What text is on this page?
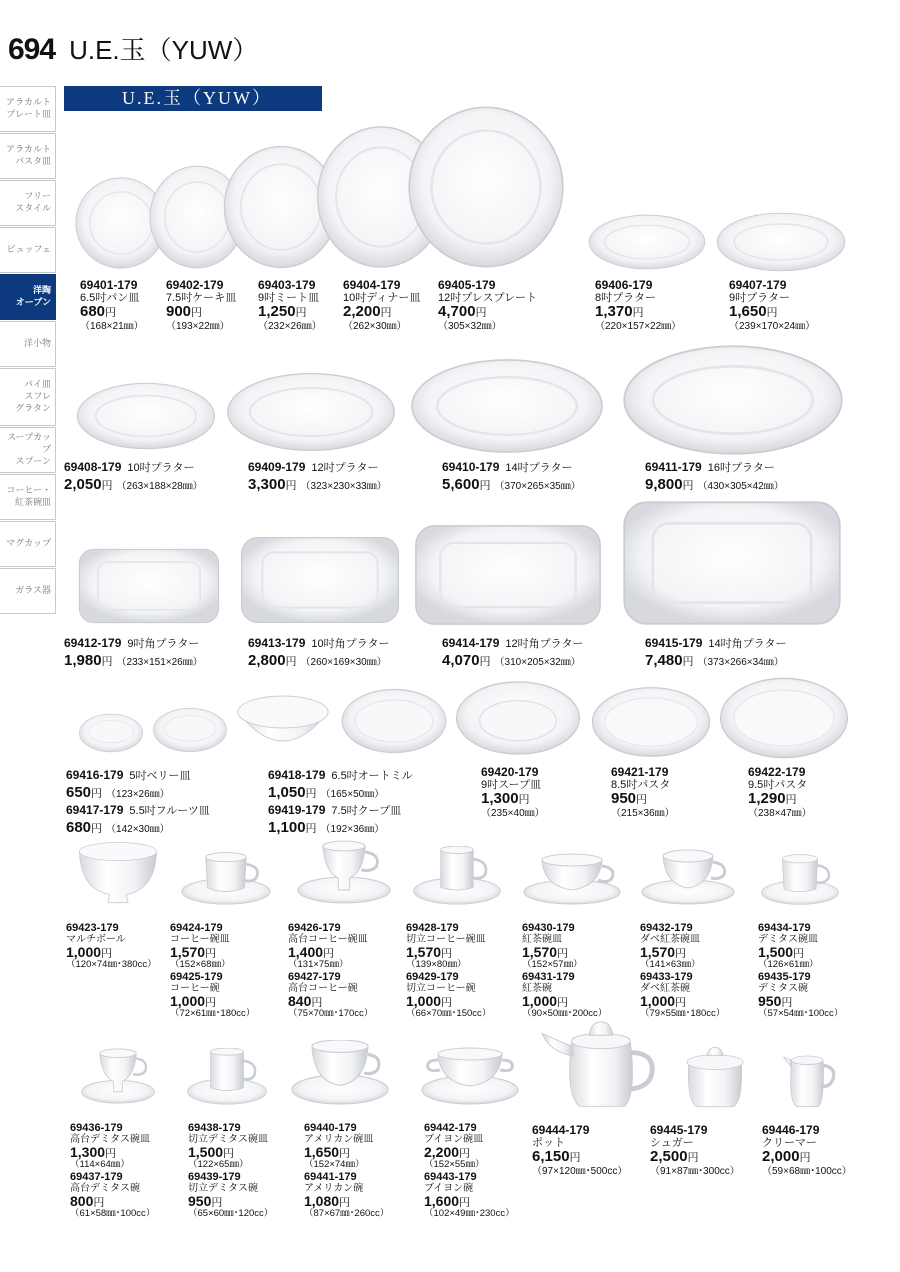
694 U.E.玉（YUW）
U.E.玉（YUW）
アラカルト
プレート皿
アラカルト
パスタ皿
フリー
スタイル
ビュッフェ
洋陶
オーブン
洋小物
パイ皿
スフレ
グラタン
スープカップ
スプーン
コーヒー・
紅茶碗皿
マグカップ
ガラス器
69401-179
6.5吋パン皿
680円
（168×21㎜）
69402-179
7.5吋ケーキ皿
900円
（193×22㎜）
69403-179
9吋ミート皿
1,250円
（232×26㎜）
69404-179
10吋ディナー皿
2,200円
（262×30㎜）
69405-179
12吋プレスプレート
4,700円
（305×32㎜）
69406-179
8吋プラター
1,370円
（220×157×22㎜）
69407-179
9吋プラター
1,650円
（239×170×24㎜）
69408-179 10吋プラター
2,050円 （263×188×28㎜）
69409-179 12吋プラター
3,300円 （323×230×33㎜）
69410-179 14吋プラター
5,600円 （370×265×35㎜）
69411-179 16吋プラター
9,800円 （430×305×42㎜）
69412-179 9吋角プラター
1,980円 （233×151×26㎜）
69413-179 10吋角プラター
2,800円 （260×169×30㎜）
69414-179 12吋角プラター
4,070円 （310×205×32㎜）
69415-179 14吋角プラター
7,480円 （373×266×34㎜）
69416-179 5吋ベリー皿
650円 （123×26㎜）
69417-179 5.5吋フルーツ皿
680円 （142×30㎜）
69418-179 6.5吋オートミル
1,050円 （165×50㎜）
69419-179 7.5吋クープ皿
1,100円 （192×36㎜）
69420-179
9吋スープ皿
1,300円
（235×40㎜）
69421-179
8.5吋パスタ
950円
（215×36㎜）
69422-179
9.5吋パスタ
1,290円
（238×47㎜）
69423-179
マルチボール
1,000円
（120×74㎜･380cc）
69424-179
コーヒー碗皿
1,570円
（152×68㎜）
69425-179
コーヒー碗
1,000円
（72×61㎜･180cc）
69426-179
高台コーヒー碗皿
1,400円
（131×75㎜）
69427-179
高台コーヒー碗
840円
（75×70㎜･170cc）
69428-179
切立コーヒー碗皿
1,570円
（139×80㎜）
69429-179
切立コーヒー碗
1,000円
（66×70㎜･150cc）
69430-179
紅茶碗皿
1,570円
（152×57㎜）
69431-179
紅茶碗
1,000円
（90×50㎜･200cc）
69432-179
ダベ紅茶碗皿
1,570円
（141×63㎜）
69433-179
ダベ紅茶碗
1,000円
（79×55㎜･180cc）
69434-179
デミタス碗皿
1,500円
（126×61㎜）
69435-179
デミタス碗
950円
（57×54㎜･100cc）
69436-179
高台デミタス碗皿
1,300円
（114×64㎜）
69437-179
高台デミタス碗
800円
（61×58㎜･100cc）
69438-179
切立デミタス碗皿
1,500円
（122×65㎜）
69439-179
切立デミタス碗
950円
（65×60㎜･120cc）
69440-179
アメリカン碗皿
1,650円
（152×74㎜）
69441-179
アメリカン碗
1,080円
（87×67㎜･260cc）
69442-179
ブイヨン碗皿
2,200円
（152×55㎜）
69443-179
ブイヨン碗
1,600円
（102×49㎜･230cc）
69444-179
ポット
6,150円
（97×120㎜･500cc）
69445-179
シュガー
2,500円
（91×87㎜･300cc）
69446-179
クリーマー
2,000円
（59×68㎜･100cc）
